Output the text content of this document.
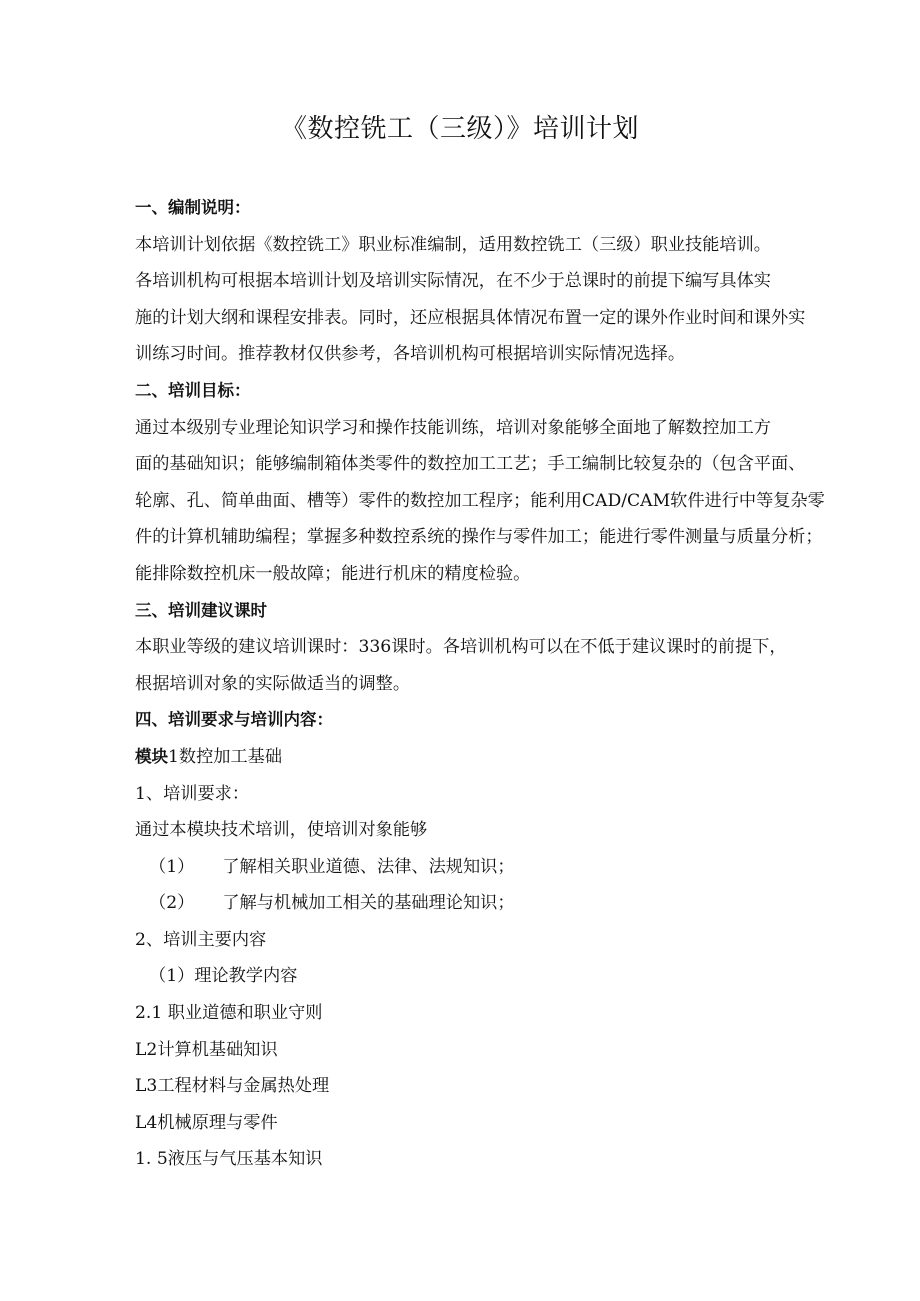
《数控铣工（三级）》培训计划
一、编制说明：
本培训计划依据《数控铣工》职业标准编制，适用数控铣工（三级）职业技能培训。
各培训机构可根据本培训计划及培训实际情况，在不少于总课时的前提下编写具体实
施的计划大纲和课程安排表。同时，还应根据具体情况布置一定的课外作业时间和课外实
训练习时间。推荐教材仅供参考，各培训机构可根据培训实际情况选择。
二、培训目标：
通过本级别专业理论知识学习和操作技能训练，培训对象能够全面地了解数控加工方
面的基础知识；能够编制箱体类零件的数控加工工艺；手工编制比较复杂的（包含平面、
轮廓、孔、简单曲面、槽等）零件的数控加工程序；能利用CAD/CAM软件进行中等复杂零
件的计算机辅助编程；掌握多种数控系统的操作与零件加工；能进行零件测量与质量分析；
能排除数控机床一般故障；能进行机床的精度检验。
三、培训建议课时
本职业等级的建议培训课时：336课时。各培训机构可以在不低于建议课时的前提下，
根据培训对象的实际做适当的调整。
四、培训要求与培训内容：
模块1数控加工基础
1、培训要求：
通过本模块技术培训，使培训对象能够
（1） 了解相关职业道德、法律、法规知识；
（2） 了解与机械加工相关的基础理论知识；
2、培训主要内容
（1）理论教学内容
2.1 职业道德和职业守则
L2计算机基础知识
L3工程材料与金属热处理
L4机械原理与零件
1. 5液压与气压基本知识
